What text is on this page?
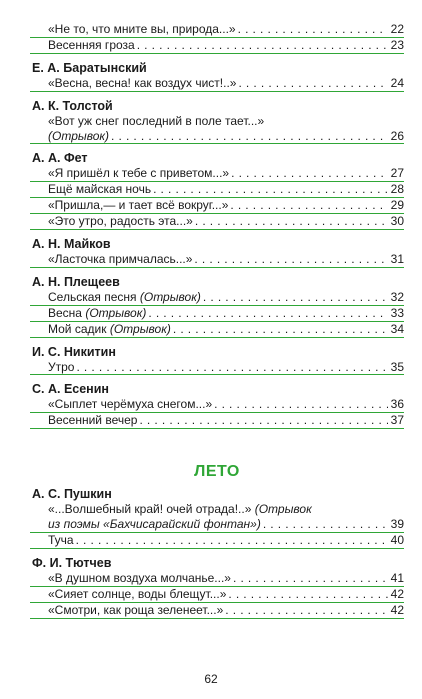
«Не то, что мните вы, природа...» . . .	22
Весенняя гроза . . .	23
Е. А. Баратынский
«Весна, весна! как воздух чист!..» . . .	24
А. К. Толстой
«Вот уж снег последний в поле тает...»
(Отрывок) . . .	26
А. А. Фет
«Я пришёл к тебе с приветом...» . . .	27
Ещё майская ночь . . .	28
«Пришла,— и тает всё вокруг...» . . .	29
«Это утро, радость эта...» . . .	30
А. Н. Майков
«Ласточка примчалась...» . . .	31
А. Н. Плещеев
Сельская песня (Отрывок) . . .	32
Весна (Отрывок) . . .	33
Мой садик (Отрывок) . . .	34
И. С. Никитин
Утро . . .	35
С. А. Есенин
«Сыплет черёмуха снегом...» . . .	36
Весенний вечер . . .	37
ЛЕТО
А. С. Пушкин
«...Волшебный край! очей отрада!..» (Отрывок
из поэмы «Бахчисарайский фонтан») . . .	39
Туча . . .	40
Ф. И. Тютчев
«В душном воздуха молчанье...» . . .	41
«Сияет солнце, воды блещут...» . . .	42
«Смотри, как роща зеленеет...» . . .	42
62
